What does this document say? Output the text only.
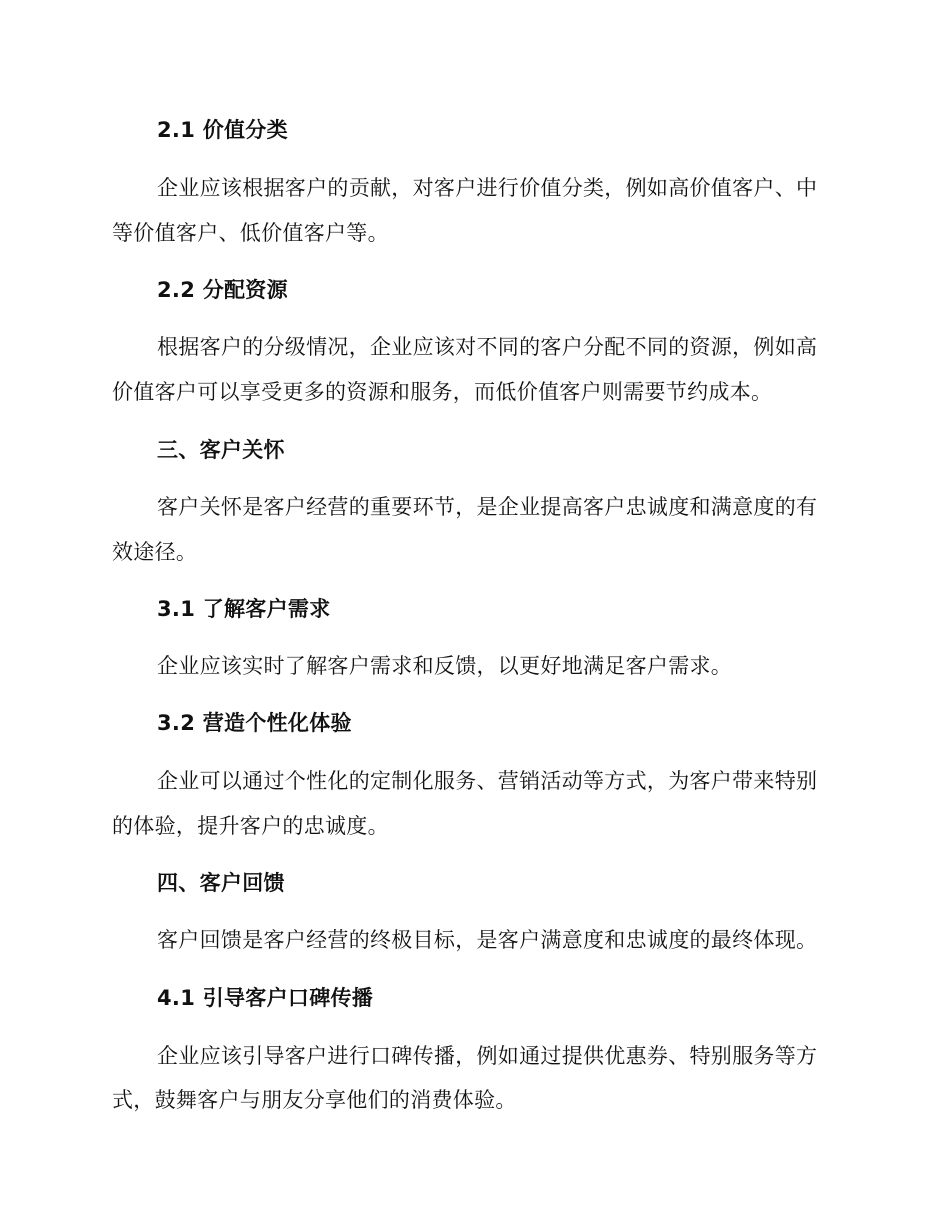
2.1 价值分类
企业应该根据客户的贡献，对客户进行价值分类，例如高价值客户、中
等价值客户、低价值客户等。
2.2 分配资源
根据客户的分级情况，企业应该对不同的客户分配不同的资源，例如高
价值客户可以享受更多的资源和服务，而低价值客户则需要节约成本。
三、客户关怀
客户关怀是客户经营的重要环节，是企业提高客户忠诚度和满意度的有
效途径。
3.1 了解客户需求
企业应该实时了解客户需求和反馈，以更好地满足客户需求。
3.2 营造个性化体验
企业可以通过个性化的定制化服务、营销活动等方式，为客户带来特别
的体验，提升客户的忠诚度。
四、客户回馈
客户回馈是客户经营的终极目标，是客户满意度和忠诚度的最终体现。
4.1 引导客户口碑传播
企业应该引导客户进行口碑传播，例如通过提供优惠券、特别服务等方
式，鼓舞客户与朋友分享他们的消费体验。
